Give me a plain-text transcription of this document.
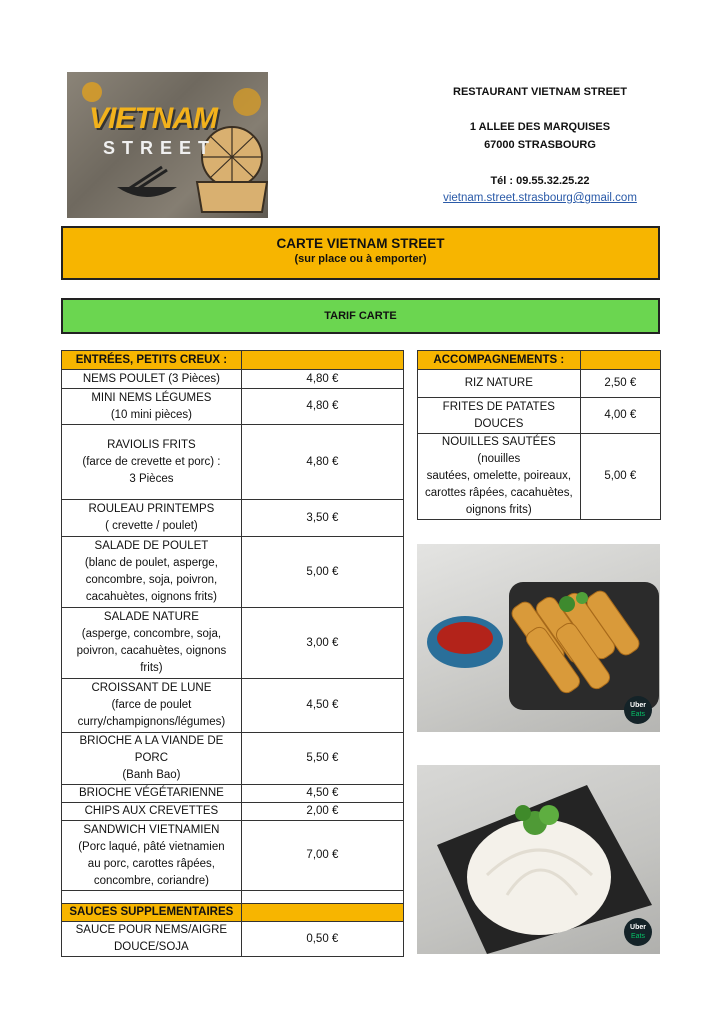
VIETNAM
STREET
RESTAURANT VIETNAM STREET
1 ALLEE DES MARQUISES
67000 STRASBOURG
Tél : 09.55.32.25.22
vietnam.street.strasbourg@gmail.com
CARTE VIETNAM STREET
(sur place ou à emporter)
TARIF CARTE
ENTRÉES, PETITS CREUX :	
NEMS POULET (3 Pièces)	4,80 €
MINI NEMS LÉGUMES
(10 mini pièces)	4,80 €
RAVIOLIS FRITS
(farce de crevette et porc) :
3 Pièces	4,80 €
ROULEAU PRINTEMPS
( crevette / poulet)	3,50 €
SALADE DE POULET
(blanc de poulet, asperge,
concombre, soja, poivron,
cacahuètes, oignons frits)	5,00 €
SALADE NATURE
(asperge, concombre, soja,
poivron, cacahuètes, oignons
frits)	3,00 €
CROISSANT DE LUNE
(farce de poulet
curry/champignons/légumes)	4,50 €
BRIOCHE A LA VIANDE DE PORC
(Banh Bao)	5,50 €
BRIOCHE VÉGÉTARIENNE	4,50 €
CHIPS AUX CREVETTES	2,00 €
SANDWICH VIETNAMIEN
(Porc laqué, pâté vietnamien
au porc, carottes râpées,
concombre, coriandre)	7,00 €

SAUCES SUPPLEMENTAIRES	
SAUCE POUR NEMS/AIGRE
DOUCE/SOJA	0,50 €
ACCOMPAGNEMENTS :	
RIZ NATURE	2,50 €
FRITES DE PATATES DOUCES	4,00 €
NOUILLES SAUTÉES (nouilles
sautées, omelette, poireaux,
carottes râpées, cacahuètes,
oignons frits)	5,00 €
Uber
Eats
Uber
Eats
